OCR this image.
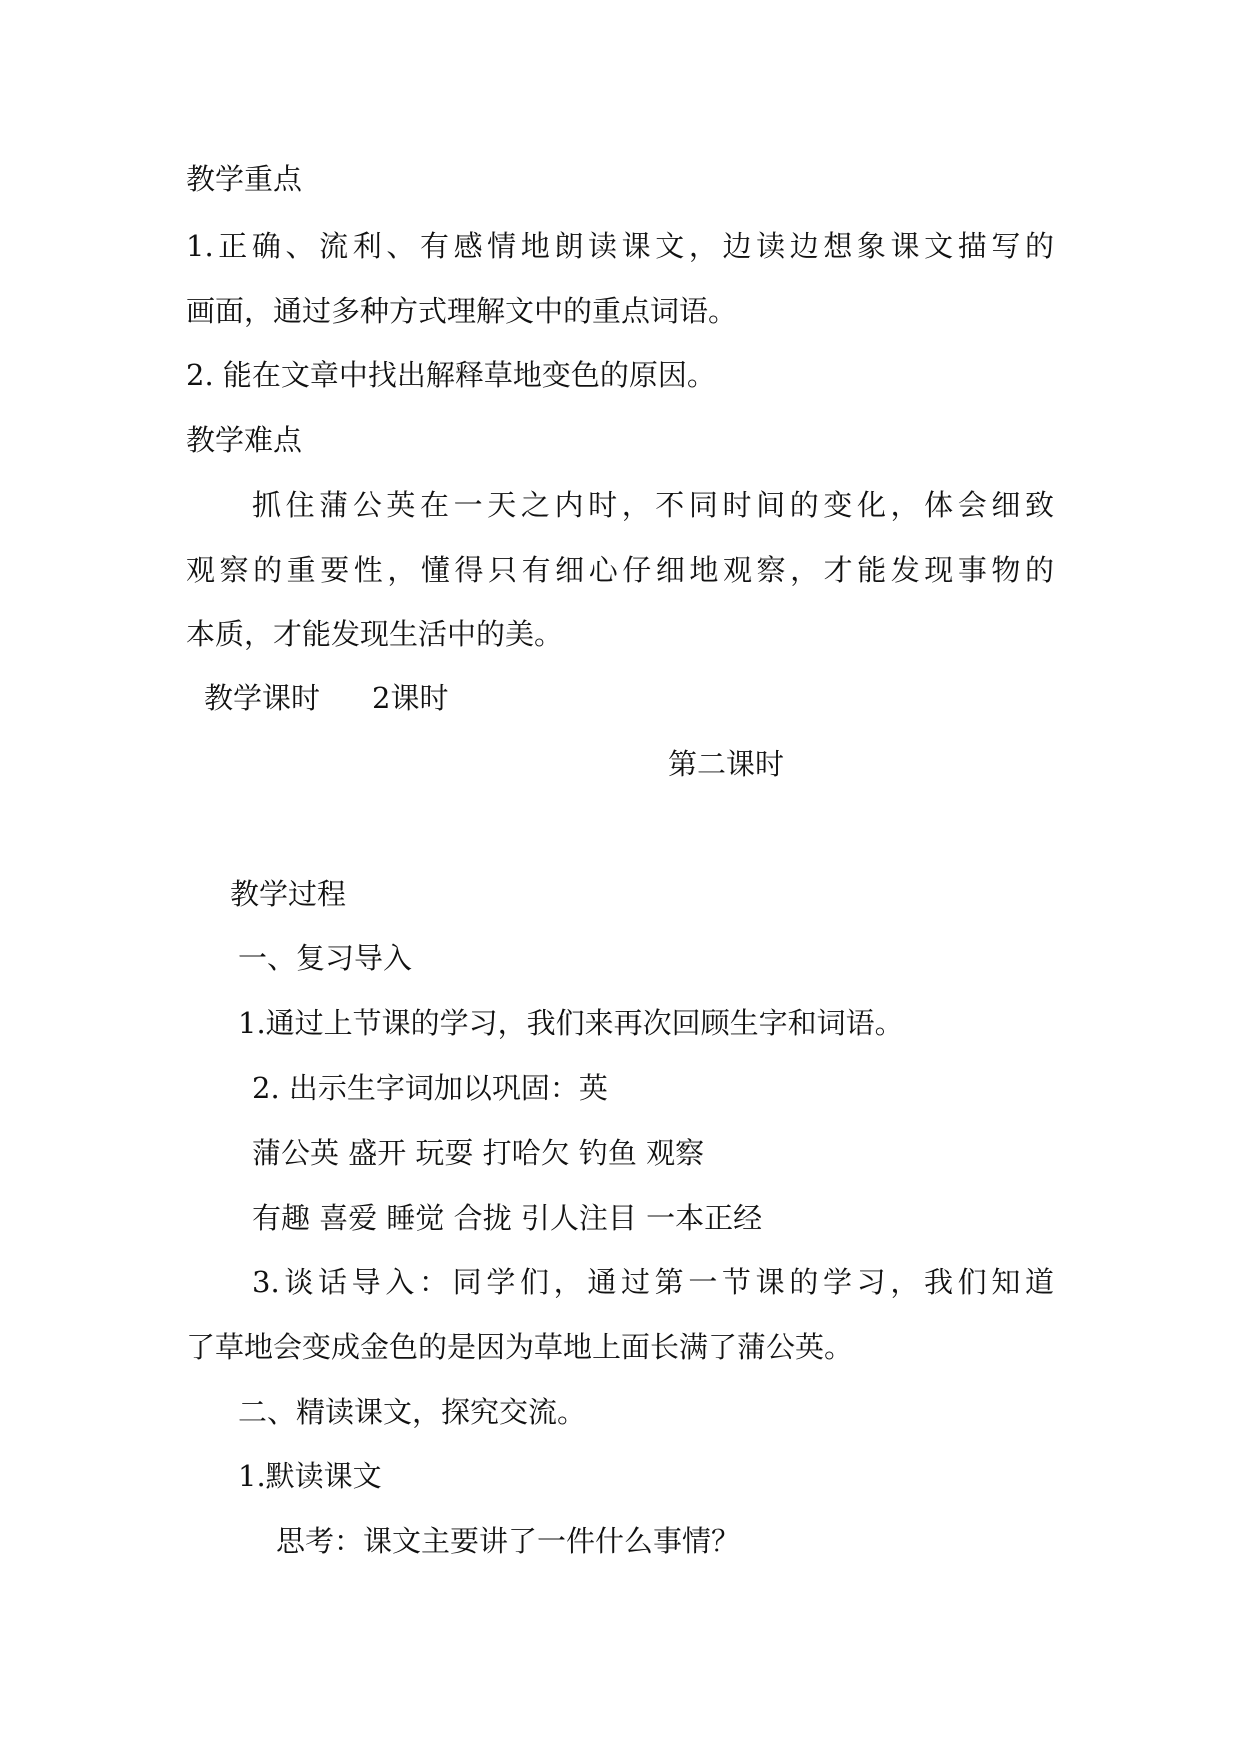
教学重点
1.正确、流利、有感情地朗读课文，边读边想象课文描写的
画面，通过多种方式理解文中的重点词语。
2. 能在文章中找出解释草地变色的原因。
教学难点
抓住蒲公英在一天之内时，不同时间的变化，体会细致
观察的重要性，懂得只有细心仔细地观察，才能发现事物的
本质，才能发现生活中的美。
教学课时 2课时
第二课时
教学过程
一、复习导入
1.通过上节课的学习，我们来再次回顾生字和词语。
2. 出示生字词加以巩固：英
蒲公英 盛开 玩耍 打哈欠 钓鱼 观察
有趣 喜爱 睡觉 合拢 引人注目 一本正经
3.谈话导入：同学们，通过第一节课的学习，我们知道
了草地会变成金色的是因为草地上面长满了蒲公英。
二、精读课文，探究交流。
1.默读课文
思考：课文主要讲了一件什么事情？
